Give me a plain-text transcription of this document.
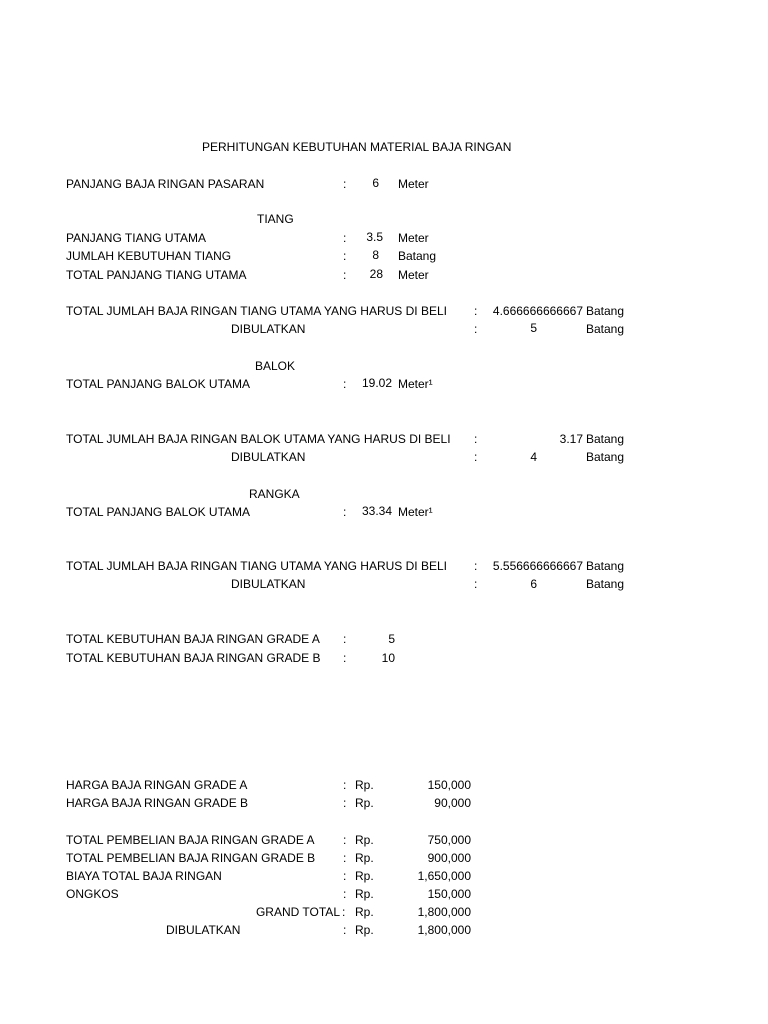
PERHITUNGAN KEBUTUHAN MATERIAL BAJA RINGAN
PANJANG BAJA RINGAN PASARAN	:	6 Meter
TIANG
PANJANG TIANG UTAMA	:	3.5 Meter
JUMLAH KEBUTUHAN TIANG	:	8 Batang
TOTAL PANJANG TIANG UTAMA	:	28 Meter
TOTAL JUMLAH BAJA RINGAN TIANG UTAMA YANG HARUS DI BELI :	4.666666666667 Batang
DIBULATKAN	:	5	Batang
BALOK
TOTAL PANJANG BALOK UTAMA	:	19.02 Meter¹
TOTAL JUMLAH BAJA RINGAN BALOK UTAMA YANG HARUS DI BELI :	3.17 Batang
DIBULATKAN	:	4	Batang
RANGKA
TOTAL PANJANG BALOK UTAMA	:	33.34 Meter¹
TOTAL JUMLAH BAJA RINGAN TIANG UTAMA YANG HARUS DI BELI :	5.556666666667 Batang
DIBULATKAN	:	6	Batang
TOTAL KEBUTUHAN BAJA RINGAN GRADE A :	5
TOTAL KEBUTUHAN BAJA RINGAN GRADE B :	10
HARGA BAJA RINGAN GRADE A	: Rp.	150,000
HARGA BAJA RINGAN GRADE B	: Rp.	90,000
TOTAL PEMBELIAN BAJA RINGAN GRADE A : Rp.	750,000
TOTAL PEMBELIAN BAJA RINGAN GRADE B : Rp.	900,000
BIAYA TOTAL BAJA RINGAN	: Rp.	1,650,000
ONGKOS	: Rp.	150,000
GRAND TOTAL : Rp.	1,800,000
DIBULATKAN	: Rp.	1,800,000
